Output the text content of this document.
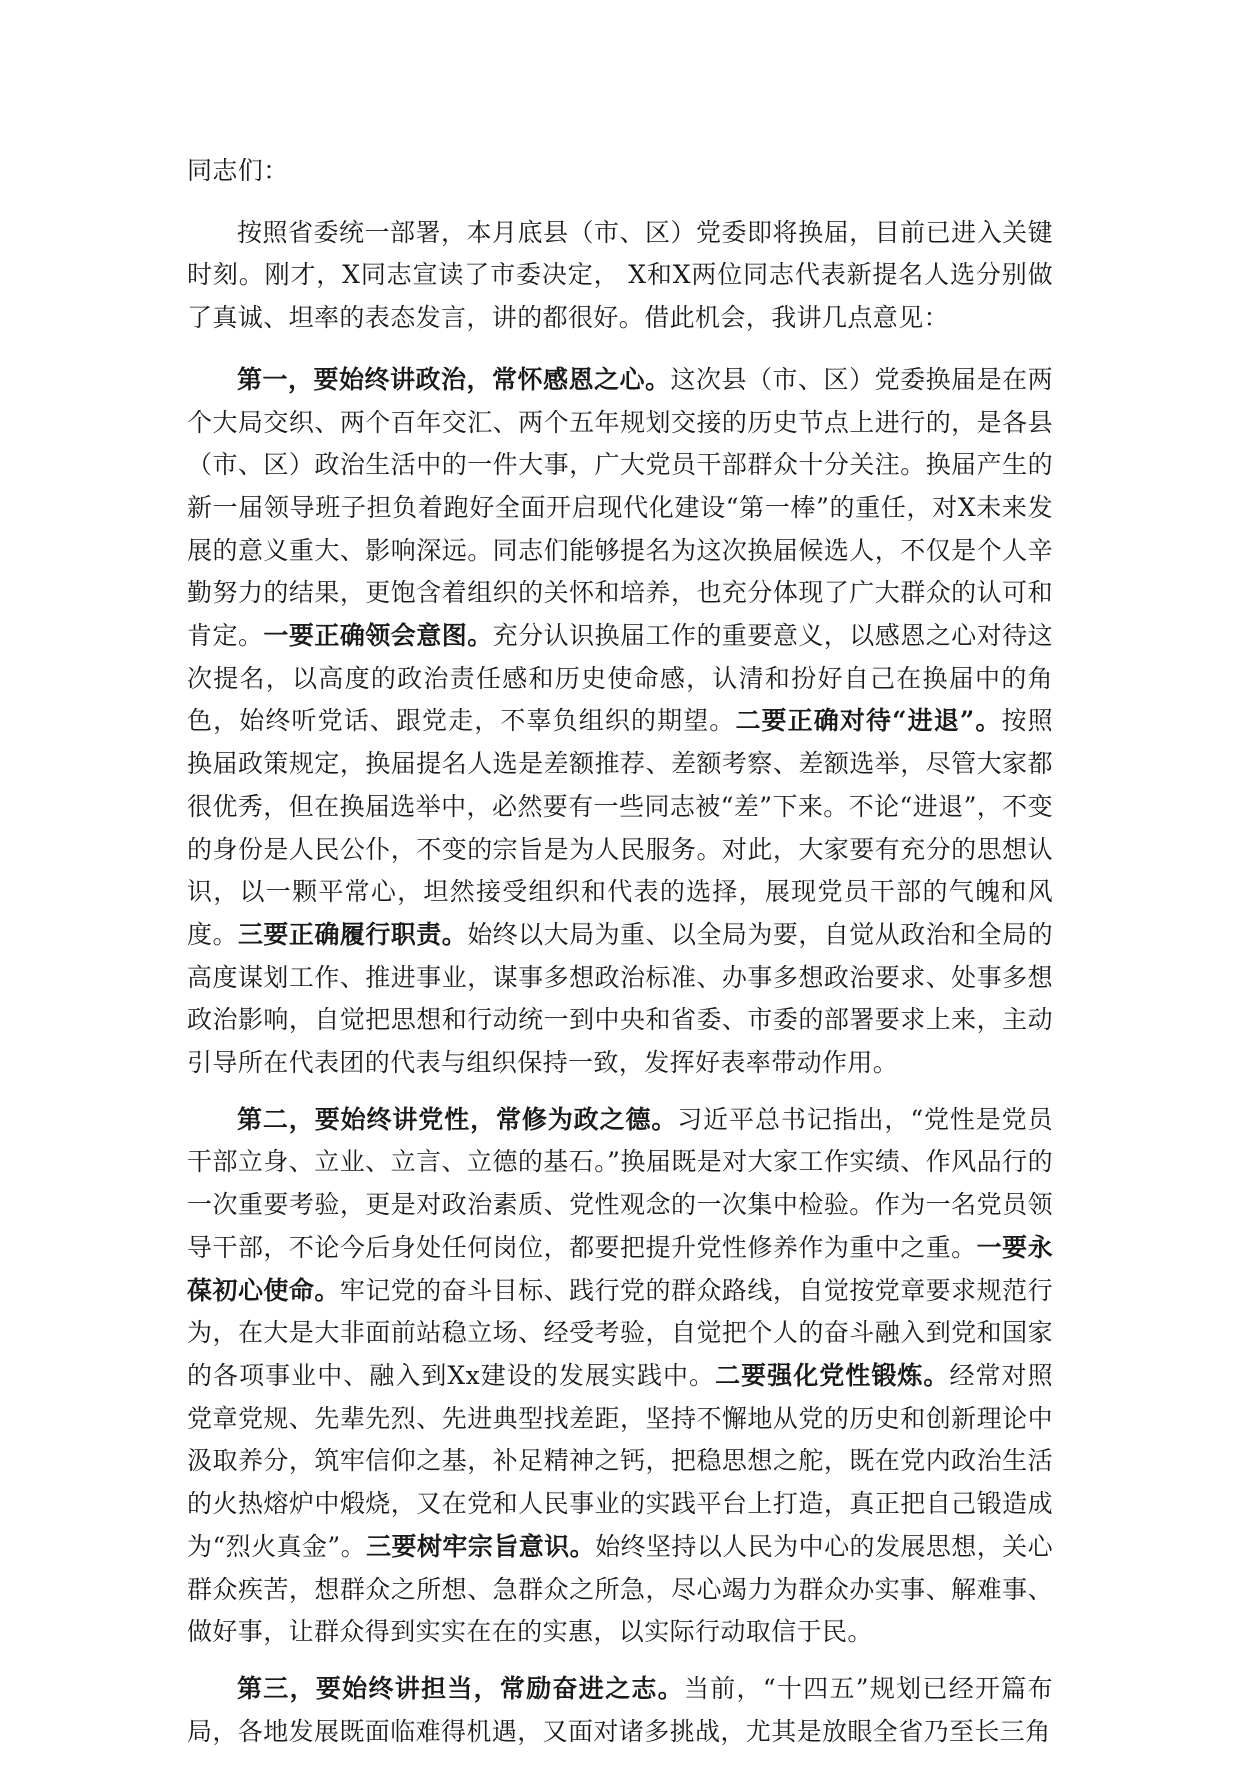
同志们：

按照省委统一部署，本月底县（市、区）党委即将换届，目前已进入关键时刻。刚才，X同志宣读了市委决定， X和X两位同志代表新提名人选分别做了真诚、坦率的表态发言，讲的都很好。借此机会，我讲几点意见：

第一，要始终讲政治，常怀感恩之心。这次县（市、区）党委换届是在两个大局交织、两个百年交汇、两个五年规划交接的历史节点上进行的，是各县（市、区）政治生活中的一件大事，广大党员干部群众十分关注。换届产生的新一届领导班子担负着跑好全面开启现代化建设“第一棒”的重任，对X未来发展的意义重大、影响深远。同志们能够提名为这次换届候选人，不仅是个人辛勤努力的结果，更饱含着组织的关怀和培养，也充分体现了广大群众的认可和肯定。一要正确领会意图。充分认识换届工作的重要意义，以感恩之心对待这次提名，以高度的政治责任感和历史使命感，认清和扮好自己在换届中的角色，始终听党话、跟党走，不辜负组织的期望。二要正确对待“进退”。按照换届政策规定，换届提名人选是差额推荐、差额考察、差额选举，尽管大家都很优秀，但在换届选举中，必然要有一些同志被“差”下来。不论“进退”，不变的身份是人民公仆，不变的宗旨是为人民服务。对此，大家要有充分的思想认识，以一颗平常心，坦然接受组织和代表的选择，展现党员干部的气魄和风度。三要正确履行职责。始终以大局为重、以全局为要，自觉从政治和全局的高度谋划工作、推进事业，谋事多想政治标准、办事多想政治要求、处事多想政治影响，自觉把思想和行动统一到中央和省委、市委的部署要求上来，主动引导所在代表团的代表与组织保持一致，发挥好表率带动作用。

第二，要始终讲党性，常修为政之德。习近平总书记指出，“党性是党员干部立身、立业、立言、立德的基石。”换届既是对大家工作实绩、作风品行的一次重要考验，更是对政治素质、党性观念的一次集中检验。作为一名党员领导干部，不论今后身处任何岗位，都要把提升党性修养作为重中之重。一要永葆初心使命。牢记党的奋斗目标、践行党的群众路线，自觉按党章要求规范行为，在大是大非面前站稳立场、经受考验，自觉把个人的奋斗融入到党和国家的各项事业中、融入到Xx建设的发展实践中。二要强化党性锻炼。经常对照党章党规、先辈先烈、先进典型找差距，坚持不懈地从党的历史和创新理论中汲取养分，筑牢信仰之基，补足精神之钙，把稳思想之舵，既在党内政治生活的火热熔炉中煅烧，又在党和人民事业的实践平台上打造，真正把自己锻造成为“烈火真金”。三要树牢宗旨意识。始终坚持以人民为中心的发展思想，关心群众疾苦，想群众之所想、急群众之所急，尽心竭力为群众办实事、解难事、做好事，让群众得到实实在在的实惠，以实际行动取信于民。

第三，要始终讲担当，常励奋进之志。当前，“十四五”规划已经开篇布局，各地发展既面临难得机遇，又面对诸多挑战，尤其是放眼全省乃至长三角
